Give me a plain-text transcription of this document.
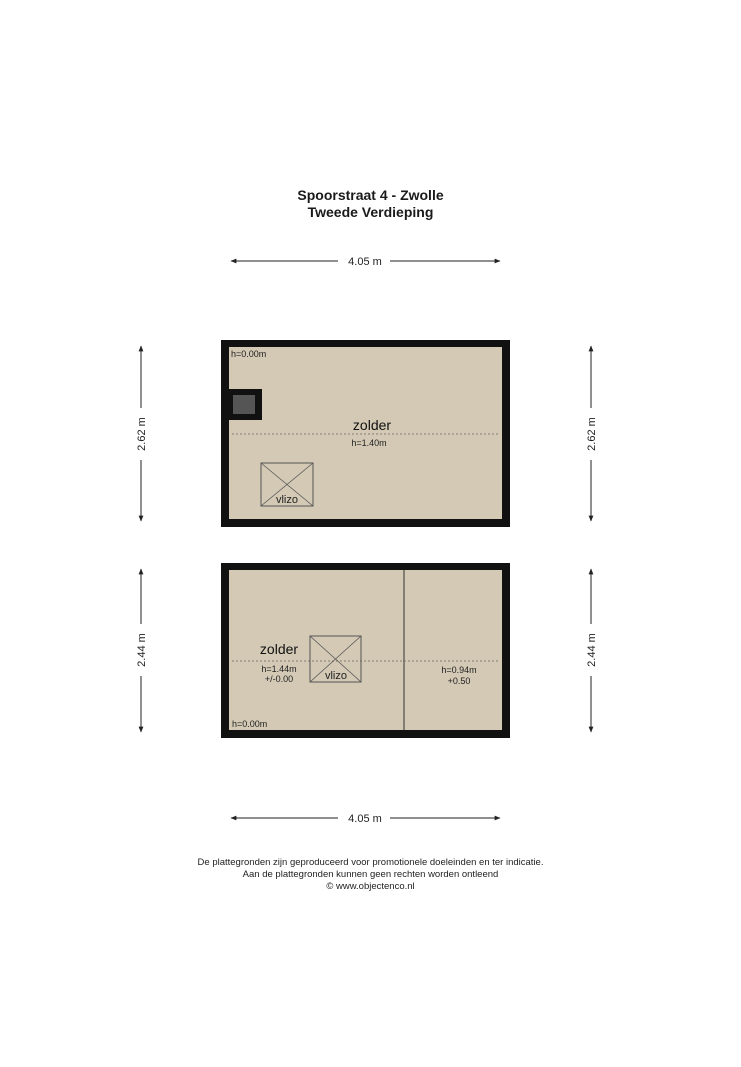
Spoorstraat 4 - Zwolle
Tweede Verdieping
4.05 m
h=0.00m
zolder
h=1.40m
vlizo
2.62 m	2.62 m
zolder
h=1.44m
+/-0.00	vlizo
h=0.00m
h=0.94m
+0.50
2.44 m	2.44 m
4.05 m
De plattegronden zijn geproduceerd voor promotionele doeleinden en ter indicatie.
Aan de plattegronden kunnen geen rechten worden ontleend
© www.objectenco.nl
